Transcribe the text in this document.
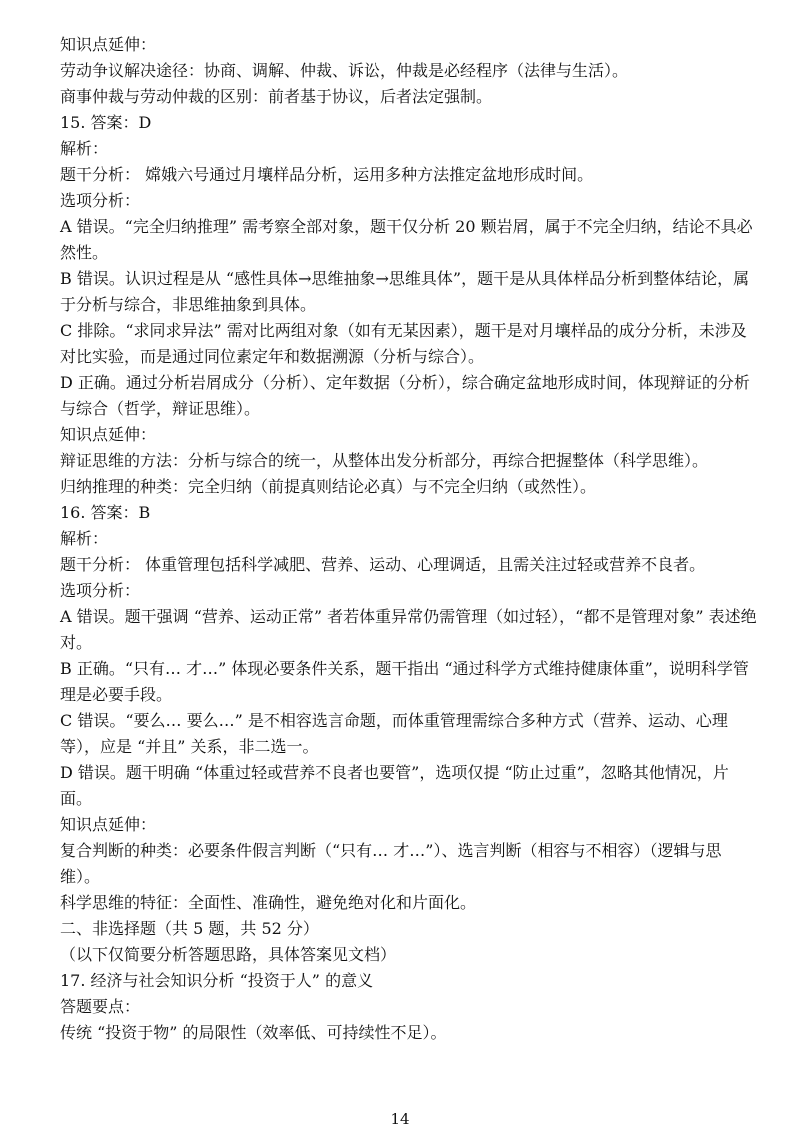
知识点延伸：

劳动争议解决途径：协商、调解、仲裁、诉讼，仲裁是必经程序（法律与生活）。

商事仲裁与劳动仲裁的区别：前者基于协议，后者法定强制。

15. 答案：D

解析：

题干分析： 嫦娥六号通过月壤样品分析，运用多种方法推定盆地形成时间。

选项分析：

A 错误。“完全归纳推理” 需考察全部对象，题干仅分析 20 颗岩屑，属于不完全归纳，结论不具必然性。

B 错误。认识过程是从 “感性具体→思维抽象→思维具体”，题干是从具体样品分析到整体结论，属于分析与综合，非思维抽象到具体。

C 排除。“求同求异法” 需对比两组对象（如有无某因素），题干是对月壤样品的成分分析，未涉及对比实验，而是通过同位素定年和数据溯源（分析与综合）。

D 正确。通过分析岩屑成分（分析）、定年数据（分析），综合确定盆地形成时间，体现辩证的分析与综合（哲学，辩证思维）。

知识点延伸：

辩证思维的方法：分析与综合的统一，从整体出发分析部分，再综合把握整体（科学思维）。

归纳推理的种类：完全归纳（前提真则结论必真）与不完全归纳（或然性）。

16. 答案：B

解析：

题干分析： 体重管理包括科学减肥、营养、运动、心理调适，且需关注过轻或营养不良者。

选项分析：

A 错误。题干强调 “营养、运动正常” 者若体重异常仍需管理（如过轻），“都不是管理对象” 表述绝对。

B 正确。“只有… 才…” 体现必要条件关系，题干指出 “通过科学方式维持健康体重”，说明科学管理是必要手段。

C 错误。“要么… 要么…” 是不相容选言命题，而体重管理需综合多种方式（营养、运动、心理等），应是 “并且” 关系，非二选一。

D 错误。题干明确 “体重过轻或营养不良者也要管”，选项仅提 “防止过重”，忽略其他情况，片面。

知识点延伸：

复合判断的种类：必要条件假言判断（“只有… 才…”）、选言判断（相容与不相容）（逻辑与思维）。

科学思维的特征：全面性、准确性，避免绝对化和片面化。

二、非选择题（共 5 题，共 52 分）

（以下仅简要分析答题思路，具体答案见文档）

17. 经济与社会知识分析 “投资于人” 的意义

答题要点：

传统 “投资于物” 的局限性（效率低、可持续性不足）。

14
